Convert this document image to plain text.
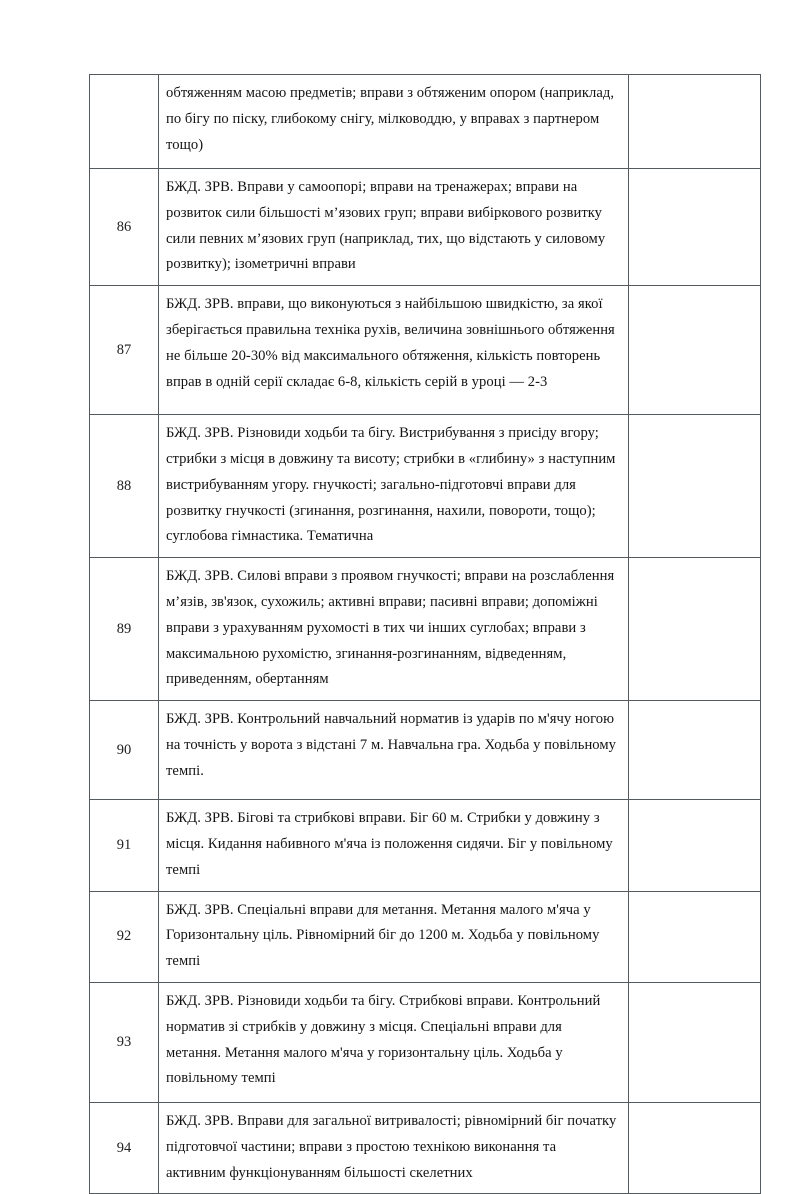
	обтяженням масою предметів; вправи з обтяженим опором (наприклад, по бігу по піску, глибокому снігу, мілководдю, у вправах з партнером тощо)	

86	БЖД. ЗРВ. Вправи у самоопорі; вправи на тренажерах; вправи на розвиток сили більшості м’язових груп; вправи вибіркового розвитку сили певних м’язових груп (наприклад, тих, що відстають у силовому розвитку); ізометричні вправи	

87	БЖД. ЗРВ. вправи, що виконуються з найбільшою швидкістю, за якої зберігається правильна техніка рухів, величина зовнішнього обтяження не більше 20-30% від максимального обтяження, кількість повторень вправ в одній серії складає 6-8, кількість серій в уроці — 2-3	

88	БЖД. ЗРВ. Різновиди ходьби та бігу. Вистрибування з присіду вгору; стрибки з місця в довжину та висоту; стрибки в «глибину» з наступним вистрибуванням угору. гнучкості; загально-підготовчі вправи для розвитку гнучкості (згинання, розгинання, нахили, повороти, тощо); суглобова гімнастика. Тематична	

89	БЖД. ЗРВ. Силові вправи з проявом гнучкості; вправи на розслаблення м’язів, зв'язок, сухожиль; активні вправи; пасивні вправи; допоміжні вправи з урахуванням рухомості в тих чи інших суглобах; вправи з максимальною рухомістю, згинання-розгинанням, відведенням, приведенням, обертанням	

90	БЖД. ЗРВ. Контрольний навчальний норматив із ударів по м'ячу ногою на точність у ворота з відстані 7 м. Навчальна гра. Ходьба у повільному темпі.	

91	БЖД. ЗРВ. Бігові та стрибкові вправи. Біг 60 м. Стрибки у довжину з місця. Кидання набивного м'яча із положення сидячи. Біг у повільному темпі	

92	БЖД. ЗРВ. Спеціальні вправи для метання. Метання малого м'яча у Горизонтальну ціль. Рівномірний біг до 1200 м. Ходьба у повільному темпі	

93	БЖД. ЗРВ. Різновиди ходьби та бігу. Стрибкові вправи. Контрольний норматив зі стрибків у довжину з місця. Спеціальні вправи для метання. Метання малого м'яча у горизонтальну ціль. Ходьба у повільному темпі	

94	БЖД. ЗРВ. Вправи для загальної витривалості; рівномірний біг початку підготовчої частини; вправи з простою технікою виконання та активним функціонуванням більшості скелетних	
